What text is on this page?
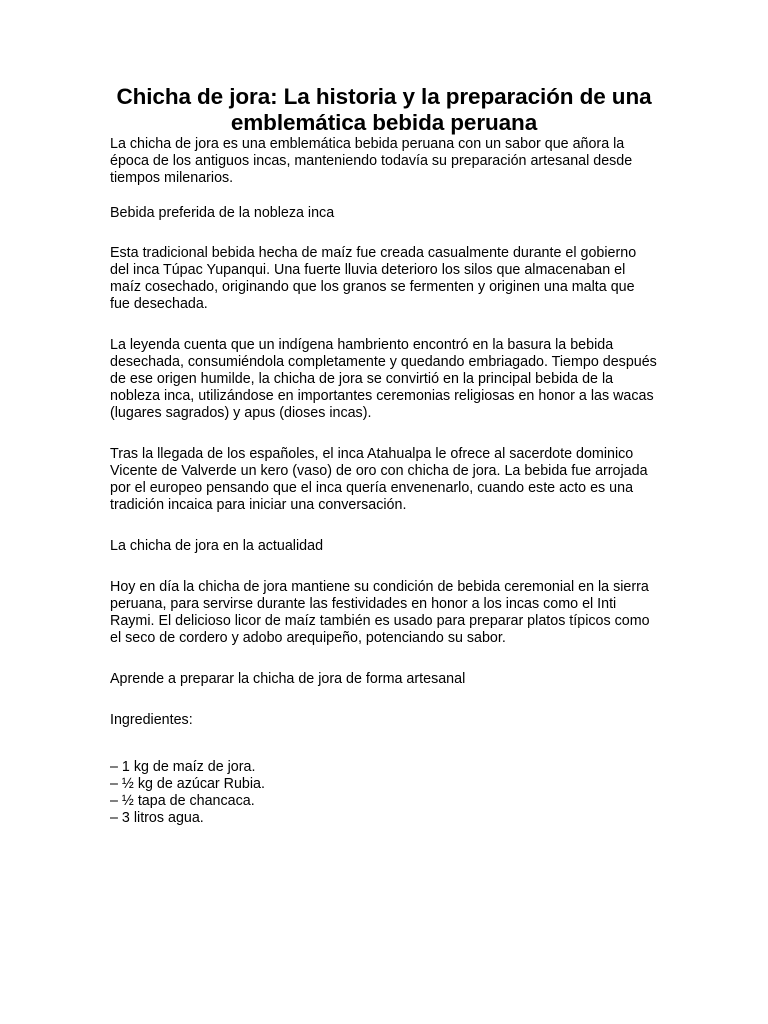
Chicha de jora: La historia y la preparación de una emblemática bebida peruana

La chicha de jora es una emblemática bebida peruana con un sabor que añora la época de los antiguos incas, manteniendo todavía su preparación artesanal desde tiempos milenarios.

Bebida preferida de la nobleza inca

Esta tradicional bebida hecha de maíz fue creada casualmente durante el gobierno del inca Túpac Yupanqui. Una fuerte lluvia deterioro los silos que almacenaban el maíz cosechado, originando que los granos se fermenten y originen una malta que fue desechada.

La leyenda cuenta que un indígena hambriento encontró en la basura la bebida desechada, consumiéndola completamente y quedando embriagado. Tiempo después de ese origen humilde, la chicha de jora se convirtió en la principal bebida de la nobleza inca, utilizándose en importantes ceremonias religiosas en honor a las wacas (lugares sagrados) y apus (dioses incas).

Tras la llegada de los españoles, el inca Atahualpa le ofrece al sacerdote dominico Vicente de Valverde un kero (vaso) de oro con chicha de jora. La bebida fue arrojada por el europeo pensando que el inca quería envenenarlo, cuando este acto es una tradición incaica para iniciar una conversación.

La chicha de jora en la actualidad

Hoy en día la chicha de jora mantiene su condición de bebida ceremonial en la sierra peruana, para servirse durante las festividades en honor a los incas como el Inti Raymi. El delicioso licor de maíz también es usado para preparar platos típicos como el seco de cordero y adobo arequipeño, potenciando su sabor.

Aprende a preparar la chicha de jora de forma artesanal

Ingredientes:

– 1 kg de maíz de jora.
– ½ kg de azúcar Rubia.
– ½ tapa de chancaca.
– 3 litros agua.
